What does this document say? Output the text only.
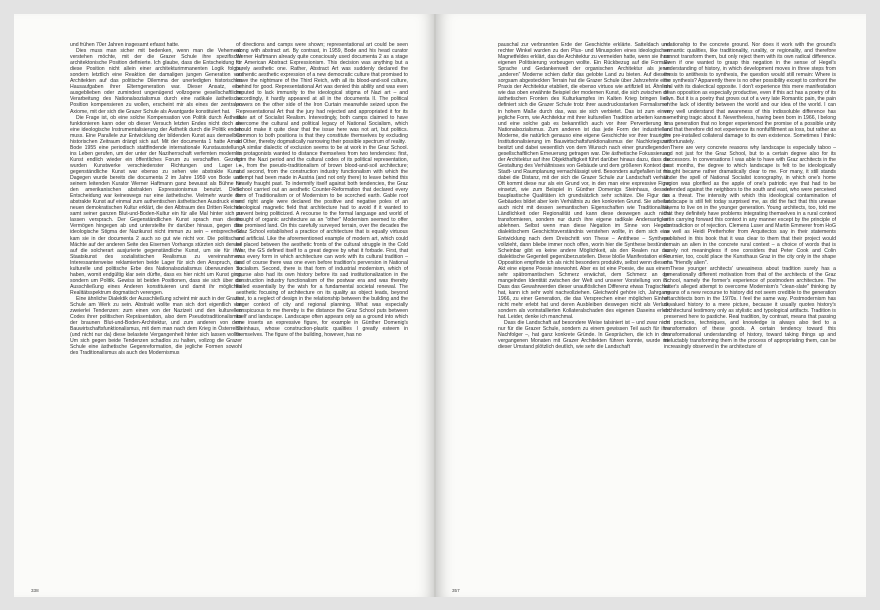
und frühen 70er Jahren insgesamt erfasst hatte.

Dies muss man sicher mit bedenken, wenn man die Vehemenz verstehen möchte, mit der die Grazer Schule ihre spezifische architektonische Position definierte. Ich glaube, dass die Entscheidung für diese Position nicht allein einer architekturimmanenten Logik folgte, sondern letztlich eine Reaktion der damaligen jungen Generation von Architekten auf das politische Dilemma der unerledigten historischen Hausaufgaben ihrer Elterngeneration war. Dieser Ansatz, eine ausgeblieben oder zumindest ungenügend vollzogene gesellschaftliche Verarbeitung des Nationalsozialismus durch eine radikale ästhetische Position kompensieren zu wollen, erscheint mir als eines der zentralen Axiome, mit der sich die Grazer Schule als Avantgarde konstituiert hat.

Die Frage ist, ob eine solche Kompensation von Politik durch Ästhetik funktionieren kann oder ob dieser Versuch letzten Endes nicht doch als eine ideologische Instrumentalisierung der Ästhetik durch die Politik enden muss. Eine Parallele zur Entwicklung der bildenden Kunst aus demselben historischen Zeitraum drängt sich auf. Mit der documenta 1 hatte Arnold Bode 1955 eine periodisch stattfindende internationale Kunstausstellung ins Leben gerufen, um der unter der Naziherrschaft verfemten modernen Kunst endlich wieder ein öffentliches Forum zu verschaffen. Gezeigt wurden Kunstwerke verschiedenster Richtungen und Lager – gegenständliche Kunst war ebenso zu sehen wie abstrakte Kunst. Dagegen wurde bereits die documenta 2 im Jahre 1959 von Bode und seinem leitenden Kurator Werner Haftmann ganz bewusst als Bühne für den amerikanischen abstrakten Expressionismus benutzt. Diese Entscheidung war keineswegs nur eine ästhetische. Vielmehr wurde die abstrakte Kunst auf einmal zum authentischen ästhetischen Ausdruck einer neuen demokratischen Kultur erklärt, die den Albtraum des Dritten Reiches samt seiner ganzen Blut-und-Boden-Kultur ein für alle Mal hinter sich zu lassen versprach. Der Gegenständlichen Kunst sprach man dieses Vermögen hingegen ab und unterstellte ihr darüber hinaus, gegen das ideologische Stigma der Nazikunst nicht immun zu sein – entsprechend kam sie in der documenta 2 auch so gut wie nicht vor. Die politischen Mächte auf der anderen Seite des Eisernen Vorhangs stürzten sich derweil auf die solcherart ausjurierte gegenständliche Kunst, um sie für ihre Staatskunst des sozialistischen Realismus zu vereinnahmen. Interessanterweise reklamierten beide Lager für sich den Anspruch, das kulturelle und politische Erbe des Nationalsozialismus überwunden zu haben, womit endgültig klar sein dürfte, dass es hier nicht um Kunst ging, sondern um Politik. Gewiss ist beiden Positionen, dass sie sich über die Ausschließung eines Anderen konstituieren und damit ihr mögliches Realitätsspektrum dogmatisch verengen.

Eine ähnliche Dialektik der Ausschließung scheint mir auch in der Grazer Schule am Werk zu sein. Abstrakt wollte man sich dort eigentlich von zweierlei Tendenzen: zum einen von der Nazizeit und den kulturellen Codes ihrer politischen Repräsentation, also dem Pseudotraditionalismus der braunen Blut-und-Boden-Architektur, und zum anderen von dem Bauwirtschaftsfunktionalismus, mit dem man nach dem Krieg in Österreich (und nicht nur da) diese belastete Vergangenheit hinter sich lassen wollte. Um sich gegen beide Tendenzen schadlos zu halten, vollzog die Grazer Schule eine ästhetische Gegenreformation, die jegliche Formen sowohl des Traditionalismus als auch des Modernismus

of directions and camps were shown; representational art could be seen along with abstract art. By contrast, in 1959, Bode and his head curator Werner Haftmann already quite consciously used documenta 2 as a stage for American Abstract Expressionism. This decision was anything but a purely aesthetic one. Rather, Abstract Art was suddenly declared the authentic aesthetic expression of a new democratic culture that promised to leave the nightmare of the Third Reich, with all its blood-and-soil culture, behind for good. Representational Art was denied this ability and was even imputed to lack immunity to the ideological stigma of Nazi art – and accordingly, it hardly appeared at all in the documenta II. The political powers on the other side of the Iron Curtain meanwhile seized upon the Representational Art that the jury had rejected and appropriated it for its state art of Socialist Realism. Interestingly, both camps claimed to have overcome the cultural and political legacy of National Socialism, which should make it quite clear that the issue here was not art, but politics. Common to both positions is that they constitute themselves by excluding an Other, thereby dogmatically narrowing their possible spectrum of reality.

A similar dialectic of exclusion seems to be at work in the Graz School. Its protagonists wanted to distance themselves from two tendencies: first, from the Nazi period and the cultural codes of its political representation, i.e., from the pseudo-traditionalism of brown blood-and-soil architecture; and second, from the construction industry functionalism with which the attempt had been made in Austria (and not only there) to leave behind this heavily fraught past. To indemnify itself against both tendencies, the Graz School carried out an aesthetic Counter-Reformation that declared every form of Traditionalism or of Modernism to be scorched earth. Gable roof and right angle were declared the positive and negative poles of an ideological magnetic field that architecture had to avoid if it wanted to prevent being politicized. A recourse to the formal language and world of thought of organic architecture as an "other" Modernism seemed to offer the promised land. On this carefully surveyed terrain, over the decades the Graz School established a practice of architecture that is equally virtuous and artificial. Like the aforementioned example of modern art, which could be placed between the aesthetic fronts of the cultural struggle in the Cold War, the GS defined itself to a great degree by what it forbade. First, that was every form in which architecture can work with its cultural tradition – and of course there was one even before tradition's perversion in National Socialism. Second, there is that form of industrial modernism, which of course also had its own history before its sad institutionalization in the construction industry functionalism of the postwar era and was thereby flailed essentially by the wish for a fundamental societal renewal. The aesthetic focusing of architecture on its quality as object leads, beyond that, to a neglect of design in the relationship between the building and the larger context of city and regional planning. What was especially conspicuous to me thereby is the distance the Graz School puts between itself and landscape. Landscape often appears only as a ground into which one inserts an expressive figure, for example in Günther Domenig's Steinhaus, whose construction-plastic qualities I greatly esteem in themselves. The figure of the building, however, has no

338

pauschal zur verbrannten Erde der Geschichte erklärte. Satteldach und rechter Winkel wurden zu den Plus- und Minuspolen eines ideologischen Magnetfeldes erklärt, das die Architektur zu vermeiden hatte, wenn sie ihrer eigenen Politisierung vorbeugen wollte. Ein Rückbezug auf die Formale Sprache und Gedankenwelt der organischen Architektur als jener „anderen“ Moderne schien dafür das gelobte Land zu bieten. Auf diesem sorgsam abgesteckten Terrain hat die Grazer Schule über Jahrzehnte eine Praxis der Architektur etabliert, die ebenso virtuos wie artifiziell ist. Ähnlich wie das oben erwähnte Beispiel der modernen Kunst, die sich zwischen die ästhetischen Fronten des Kulturkampfes im Kalten Krieg bringen ließ, definiert sich die Grazer Schule trotz ihrer ausdrucksstarken Formalismen in hohem Maße durch das, was sie sich verbietet. Das ist zum einen jegliche Form, wie Architektur mit ihrer kulturellen Tradition arbeiten kann – und eine solche gab es bekanntlich auch vor ihrer Pervertierung im Nationalsozialismus. Zum anderen ist das jede Form der industriellen Moderne, die natürlich genauso eine eigene Geschichte vor ihrer traurigen Institutionalisierung im Bauwirtschaftsfunktionalismus der Nachkriegszeit besitzt und dabei wesentlich von dem Wunsch nach einer grundlegenden gesellschaftlichen Erneuerung getragen war. Die ästhetische Fokussierung der Architektur auf ihre Objekthaftigkeit führt darüber hinaus dazu, dass die Gestaltung des Verhältnisses von Gebäude und dem größeren Kontext der Stadt- und Raumplanung vernachlässigt wird. Besonders aufgefallen ist mir dabei die Distanz, mit der sich die Grazer Schule zur Landschaft verhält. Oft kommt diese nur als ein Grund vor, in den man eine expressive Figur einsetzt, wie zum Beispiel in Günther Domenigs Steinhaus, dessen bauplastische Qualitäten ich grundsätzlich sehr schätze. Die Figur des Gebäudes bildet aber kein Verhältnis zu den konkreten Grund. Sie arbeitet auch nicht mit dessen semantischen Eigenschaften wie Traditionalität, Ländlichkeit oder Regionalität und kann diese deswegen auch nicht transformieren, sondern nur durch ihre eigene radikale Andersartigkeit ablehnen. Selbst wenn man diese Negation im Sinne von Hegels dialektischem Geschichtsverständnis verstehen wollte, in dem sich eine Entwicklung nach dem Dreischritt von These – Antithese – Synthese vollzieht, dann bliebe immer noch offen, worin hier die Synthese bestünde. Scheinbar gibt es keine andere Möglichkeit, als den Realen nur das dialektische Gegenteil gegenüberzustellen. Diese bloße Manifestation einer Opposition empfinde ich als nicht besonders produktiv, selbst wenn diesem Akt eine eigene Poesie innewohnt. Aber es ist eine Poesie, die aus einem sehr spätromantischen Schmerz erwächst, dem Schmerz an der mangelnden Identität zwischen der Welt und unserer Vorstellung von ihr. Dass das Gewahrwerden dieser unauflöslichen Differenz etwas Tragisches hat, kann ich sehr wohl nachvollziehen. Gleichwohl gehöre ich, Jahrgang 1966, zu einer Generation, die das Versprechen einer möglichen Einheit nicht mehr erlebt hat und deren Ausbleiben deswegen nicht als Verlust, sondern als vorinstallierten Kollateralschaden des eigenen Daseins erlebt hat. Leider, denke ich manchmal.

Dass die Landschaft auf besondere Weise talsiniert ist – und zwar nicht nur für die Grazer Schule, sondern zu einem gewissen Teil auch für ihre Nachfolger –, hat ganz konkrete Gründe. In Gesprächen, die ich in den vergangenen Monaten mit Grazer Architekten führen konnte, wurde mir dieser Umstand plötzlich deutlich, wie sehr die Landschaft

relationship to the concrete ground. Nor does it work with the ground's semantic qualities, like traditionality, rurality, or regionality, and therefore cannot transform them, but only reject them with its own radical difference. Even if one wanted to grasp this negation in the sense of Hegel's understanding of history, in which development moves in three steps from thesis to antithesis to synthesis, the question would still remain: Where is the synthesis? Apparently there is no other possibility except to confront the real with its dialectical opposite. I don't experience this mere manifestation of an opposition as especially productive, even if this act has a poetry of its own. But it is a poetry that grows out of a very late Romantic pain, the pain of the lack of identity between the world and our idea of the world. I can very well understand that awareness of this indissoluble difference has something tragic about it. Nevertheless, having been born in 1966, I belong to a generation that no longer experienced the promise of a possible unity and that therefore did not experience its nonfulfillment as loss, but rather as the pre-installed collateral damage to its own existence. Sometimes I think: unfortunately.

There are very concrete reasons why landscape is especially taboo – and not just for the Graz School, but to a certain degree also for its successors. In conversations I was able to have with Graz architects in the past months, the degree to which landscape is felt to be ideologically fraught became rather dramatically clear to me. For many, it still stands under the spell of National Socialist iconography, in which one's home region was glorified as the apple of one's patriotic eye that had to be defended against the neighbors to the south and east, who were perceived as a threat. The intensity with which this ideological contamination of landscape is still felt today surprised me, as did the fact that this unease seems to live on in the younger generation. Young architects, too, told me that they definitely have problems integrating themselves in a rural context or in carrying forward this context in any manner except by the principle of contradiction or of rejection. Clemens Luser and Martin Emmerer from HoG as well as Heidi Pretterhofer from Arquitectos say in their statements published in this book that it was clear to them that their project would remain an alien in the concrete rural context – a choice of words that is surely not meaningless if one considers that Peter Cook and Colin Fournier, too, could place the Kunsthaus Graz in the city only in the shape of a "friendly alien".

These younger architects' uneasiness about tradition surely has a generationally different motivation from that of the architects of the Graz School, namely the former's experience of postmodern architecture. The latter's alleged attempt to overcome Modernism's "clean-slate" thinking by means of a new recourse to history did not seem credible to the generation of architects born in the 1970s. I feel the same way. Postmodernism has devalued history to a mere picture, because it usually quotes history's architectural testimony only as stylistic and typological artifacts. Tradition is preserved here to pastiche. Real tradition, by contrast, means that passing on practices, techniques, and knowledge is always also tied to a transformation of these goods. A certain tendency toward this transformational understanding of history, toward taking things up and ineluctably transforming them in the process of appropriating them, can be increasingly observed in the architecture of

357
